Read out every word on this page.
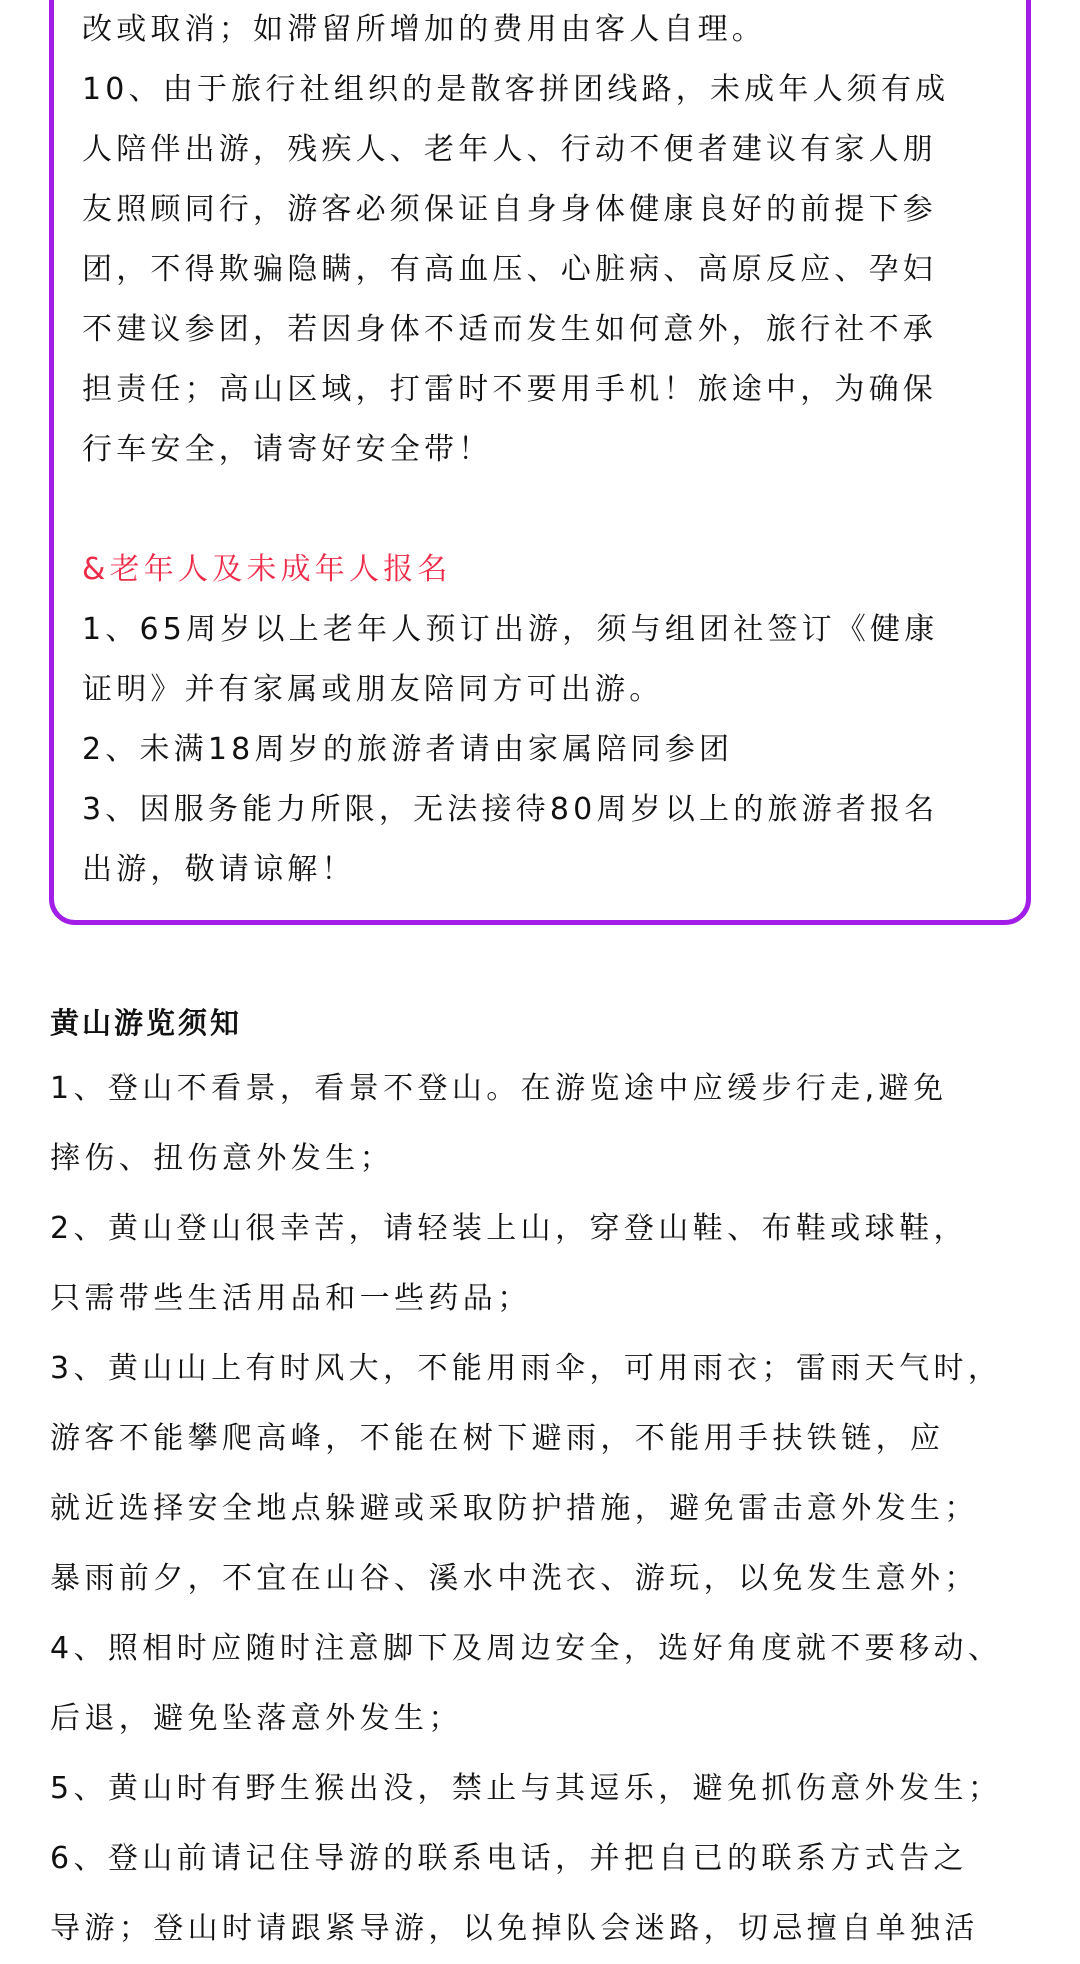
改或取消；如滞留所增加的费用由客人自理。
10、由于旅行社组织的是散客拼团线路，未成年人须有成
人陪伴出游，残疾人、老年人、行动不便者建议有家人朋
友照顾同行，游客必须保证自身身体健康良好的前提下参
团，不得欺骗隐瞒，有高血压、心脏病、高原反应、孕妇
不建议参团，若因身体不适而发生如何意外，旅行社不承
担责任；高山区域，打雷时不要用手机！旅途中，为确保
行车安全，请寄好安全带！
&老年人及未成年人报名
1、65周岁以上老年人预订出游，须与组团社签订《健康
证明》并有家属或朋友陪同方可出游。
2、未满18周岁的旅游者请由家属陪同参团
3、因服务能力所限，无法接待80周岁以上的旅游者报名
出游，敬请谅解！
黄山游览须知
1、登山不看景，看景不登山。在游览途中应缓步行走,避免
摔伤、扭伤意外发生；
2、黄山登山很幸苦，请轻装上山，穿登山鞋、布鞋或球鞋，
只需带些生活用品和一些药品；
3、黄山山上有时风大，不能用雨伞，可用雨衣；雷雨天气时，
游客不能攀爬高峰，不能在树下避雨，不能用手扶铁链，应
就近选择安全地点躲避或采取防护措施，避免雷击意外发生；
暴雨前夕，不宜在山谷、溪水中洗衣、游玩，以免发生意外；
4、照相时应随时注意脚下及周边安全，选好角度就不要移动、
后退，避免坠落意外发生；
5、黄山时有野生猴出没，禁止与其逗乐，避免抓伤意外发生；
6、登山前请记住导游的联系电话，并把自已的联系方式告之
导游；登山时请跟紧导游，以免掉队会迷路，切忌擅自单独活
